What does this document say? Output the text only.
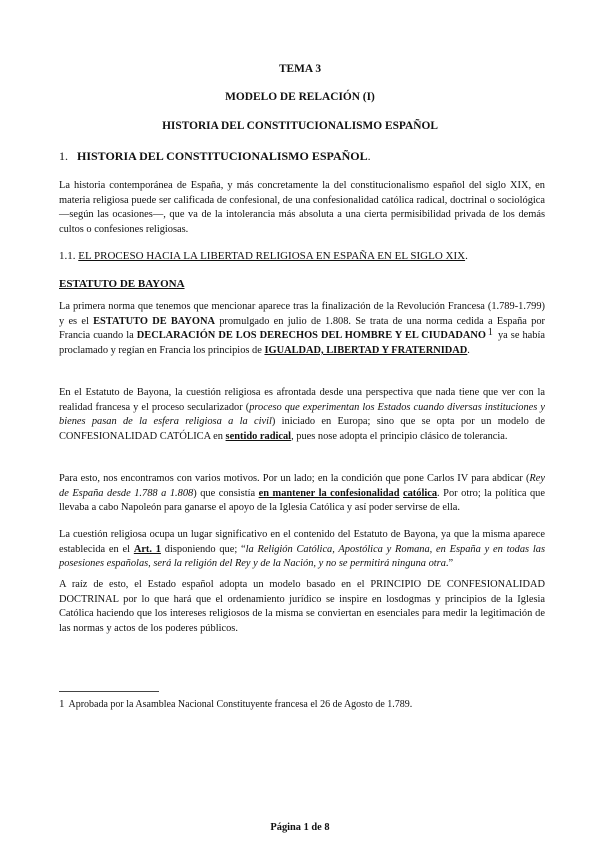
TEMA 3
MODELO DE RELACIÓN (I)
HISTORIA DEL CONSTITUCIONALISMO ESPAÑOL
1. HISTORIA DEL CONSTITUCIONALISMO ESPAÑOL.
La historia contemporánea de España, y más concretamente la del constitucionalismo español del siglo XIX, en materia religiosa puede ser calificada de confesional, de una confesionalidad católica radical, doctrinal o sociológica —según las ocasiones—, que va de la intolerancia más absoluta a una cierta permisibilidad privada de los demás cultos o confesiones religiosas.
1.1. EL PROCESO HACIA LA LIBERTAD RELIGIOSA EN ESPAÑA EN EL SIGLO XIX.
ESTATUTO DE BAYONA
La primera norma que tenemos que mencionar aparece tras la finalización de la Revolución Francesa (1.789-1.799) y es el ESTATUTO DE BAYONA promulgado en julio de 1.808. Se trata de una norma cedida a España por Francia cuando la DECLARACIÓN DE LOS DERECHOS DEL HOMBRE Y EL CIUDADANO $^1$ ya se había proclamado y regían en Francia los principios de IGUALDAD, LIBERTAD Y FRATERNIDAD.
En el Estatuto de Bayona, la cuestión religiosa es afrontada desde una perspectiva que nada tiene que ver con la realidad francesa y el proceso secularizador (proceso que experimentan los Estados cuando diversas instituciones y bienes pasan de la esfera religiosa a la civil) iniciado en Europa; sino que se opta por un modelo de CONFESIONALIDAD CATÓLICA en sentido radical, pues nose adopta el principio clásico de tolerancia.
Para esto, nos encontramos con varios motivos. Por un lado; en la condición que pone Carlos IV para abdicar (Rey de España desde 1.788 a 1.808) que consistía en mantener la confesionalidad católica. Por otro; la política que llevaba a cabo Napoleón para ganarse el apoyo de la Iglesia Católica y así poder servirse de ella.
La cuestión religiosa ocupa un lugar significativo en el contenido del Estatuto de Bayona, ya que la misma aparece establecida en el Art. 1 disponiendo que; “la Religión Católica, Apostólica y Romana, en España y en todas las posesiones españolas, será la religión del Rey y de la Nación, y no se permitirá ninguna otra.”
A raíz de esto, el Estado español adopta un modelo basado en el PRINCIPIO DE CONFESIONALIDAD DOCTRINAL por lo que hará que el ordenamiento jurídico se inspire en losdogmas y principios de la Iglesia Católica haciendo que los intereses religiosos de la misma se conviertan en esenciales para medir la legitimación de las normas y actos de los poderes públicos.
1 Aprobada por la Asamblea Nacional Constituyente francesa el 26 de Agosto de 1.789.
Página 1 de 8
